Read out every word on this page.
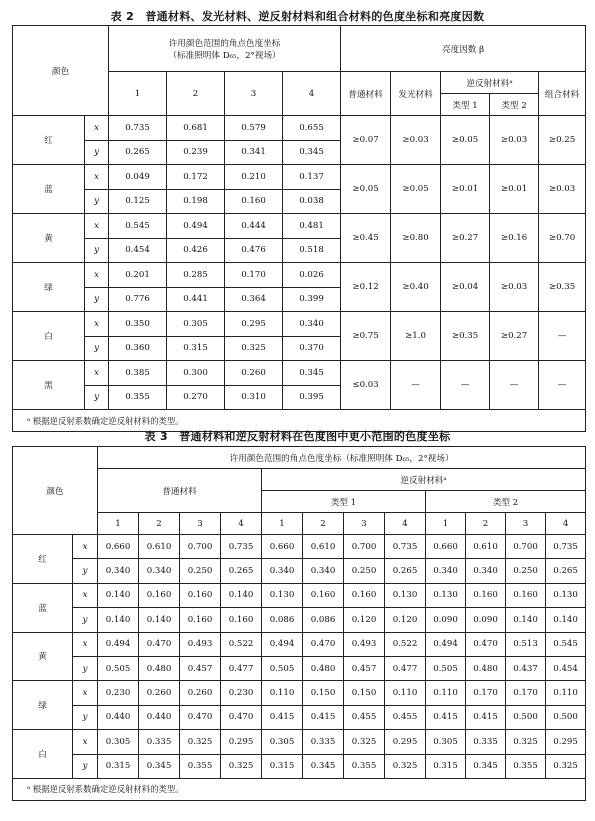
表 2　普通材料、发光材料、逆反射材料和组合材料的色度坐标和亮度因数
颜色		许用颜色范围的角点色度坐标
（标准照明体 D₆₅，2°视场）				亮度因数 β				
		1	2	3	4	普通材料	发光材料	逆反射材料ᵃ		组合材料
								类型 1	类型 2	
红	x	0.735	0.681	0.579	0.655	≥0.07	≥0.03	≥0.05	≥0.03	≥0.25
	y	0.265	0.239	0.341	0.345					
蓝	x	0.049	0.172	0.210	0.137	≥0.05	≥0.05	≥0.01	≥0.01	≥0.03
	y	0.125	0.198	0.160	0.038					
黄	x	0.545	0.494	0.444	0.481	≥0.45	≥0.80	≥0.27	≥0.16	≥0.70
	y	0.454	0.426	0.476	0.518					
绿	x	0.201	0.285	0.170	0.026	≥0.12	≥0.40	≥0.04	≥0.03	≥0.35
	y	0.776	0.441	0.364	0.399					
白	x	0.350	0.305	0.295	0.340	≥0.75	≥1.0	≥0.35	≥0.27	—
	y	0.360	0.315	0.325	0.370					
黑	x	0.385	0.300	0.260	0.345	≤0.03	—	—	—	—
	y	0.355	0.270	0.310	0.395					
ᵃ 根据逆反射系数确定逆反射材料的类型。										
表 3　普通材料和逆反射材料在色度图中更小范围的色度坐标
颜色		许用颜色范围的角点色度坐标（标准照明体 D₆₅，2°视场）											
		普通材料				逆反射材料ᵃ							
						类型 1				类型 2			
		1	2	3	4	1	2	3	4	1	2	3	4
红	x	0.660	0.610	0.700	0.735	0.660	0.610	0.700	0.735	0.660	0.610	0.700	0.735
	y	0.340	0.340	0.250	0.265	0.340	0.340	0.250	0.265	0.340	0.340	0.250	0.265
蓝	x	0.140	0.160	0.160	0.140	0.130	0.160	0.160	0.130	0.130	0.160	0.160	0.130
	y	0.140	0.140	0.160	0.160	0.086	0.086	0.120	0.120	0.090	0.090	0.140	0.140
黄	x	0.494	0.470	0.493	0.522	0.494	0.470	0.493	0.522	0.494	0.470	0.513	0.545
	y	0.505	0.480	0.457	0.477	0.505	0.480	0.457	0.477	0.505	0.480	0.437	0.454
绿	x	0.230	0.260	0.260	0.230	0.110	0.150	0.150	0.110	0.110	0.170	0.170	0.110
	y	0.440	0.440	0.470	0.470	0.415	0.415	0.455	0.455	0.415	0.415	0.500	0.500
白	x	0.305	0.335	0.325	0.295	0.305	0.335	0.325	0.295	0.305	0.335	0.325	0.295
	y	0.315	0.345	0.355	0.325	0.315	0.345	0.355	0.325	0.315	0.345	0.355	0.325
ᵃ 根据逆反射系数确定逆反射材料的类型。													
